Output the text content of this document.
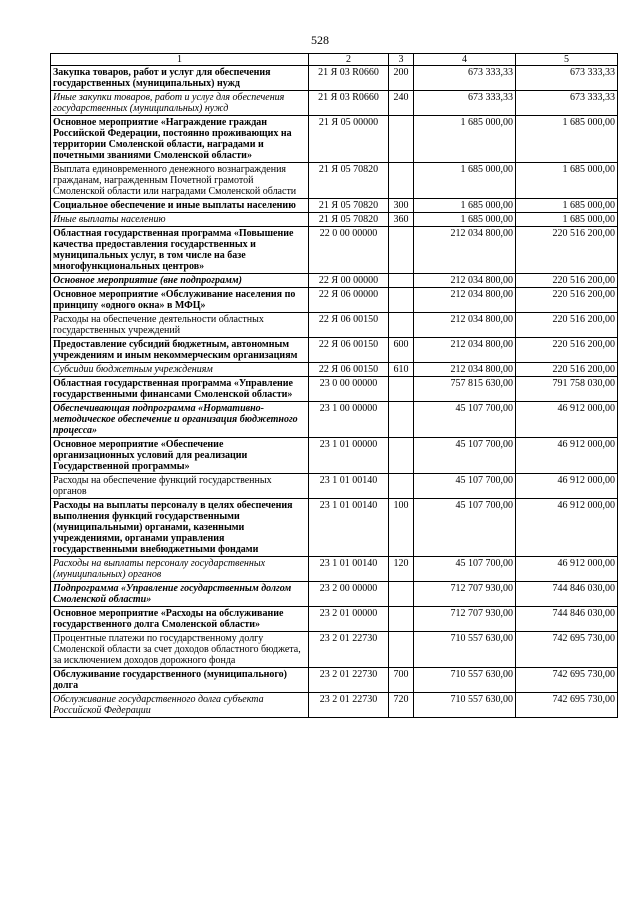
528
1	2	3	4	5
Закупка товаров, работ и услуг для обеспечения государственных (муниципальных) нужд	21 Я 03 R0660	200	673 333,33	673 333,33
Иные закупки товаров, работ и услуг для обеспечения государственных (муниципальных) нужд	21 Я 03 R0660	240	673 333,33	673 333,33
Основное мероприятие «Награждение граждан Российской Федерации, постоянно проживающих на территории Смоленской области, наградами и почетными званиями Смоленской области»	21 Я 05 00000		1 685 000,00	1 685 000,00
Выплата единовременного денежного вознаграждения гражданам, награжденным Почетной грамотой Смоленской области или наградами Смоленской области	21 Я 05 70820		1 685 000,00	1 685 000,00
Социальное обеспечение и иные выплаты населению	21 Я 05 70820	300	1 685 000,00	1 685 000,00
Иные выплаты населению	21 Я 05 70820	360	1 685 000,00	1 685 000,00
Областная государственная программа «Повышение качества предоставления государственных и муниципальных услуг, в том числе на базе многофункциональных центров»	22 0 00 00000		212 034 800,00	220 516 200,00
Основное мероприятие (вне подпрограмм)	22 Я 00 00000		212 034 800,00	220 516 200,00
Основное мероприятие «Обслуживание населения по принципу «одного окна» в МФЦ»	22 Я 06 00000		212 034 800,00	220 516 200,00
Расходы на обеспечение деятельности областных государственных учреждений	22 Я 06 00150		212 034 800,00	220 516 200,00
Предоставление субсидий бюджетным, автономным учреждениям и иным некоммерческим организациям	22 Я 06 00150	600	212 034 800,00	220 516 200,00
Субсидии бюджетным учреждениям	22 Я 06 00150	610	212 034 800,00	220 516 200,00
Областная государственная программа «Управление государственными финансами Смоленской области»	23 0 00 00000		757 815 630,00	791 758 030,00
Обеспечивающая подпрограмма «Нормативно-методическое обеспечение и организация бюджетного процесса»	23 1 00 00000		45 107 700,00	46 912 000,00
Основное мероприятие «Обеспечение организационных условий для реализации Государственной программы»	23 1 01 00000		45 107 700,00	46 912 000,00
Расходы на обеспечение функций государственных органов	23 1 01 00140		45 107 700,00	46 912 000,00
Расходы на выплаты персоналу в целях обеспечения выполнения функций государственными (муниципальными) органами, казенными учреждениями, органами управления государственными внебюджетными фондами	23 1 01 00140	100	45 107 700,00	46 912 000,00
Расходы на выплаты персоналу государственных (муниципальных) органов	23 1 01 00140	120	45 107 700,00	46 912 000,00
Подпрограмма «Управление государственным долгом Смоленской области»	23 2 00 00000		712 707 930,00	744 846 030,00
Основное мероприятие «Расходы на обслуживание государственного долга Смоленской области»	23 2 01 00000		712 707 930,00	744 846 030,00
Процентные платежи по государственному долгу Смоленской области за счет доходов областного бюджета, за исключением доходов дорожного фонда	23 2 01 22730		710 557 630,00	742 695 730,00
Обслуживание государственного (муниципального) долга	23 2 01 22730	700	710 557 630,00	742 695 730,00
Обслуживание государственного долга субъекта Российской Федерации	23 2 01 22730	720	710 557 630,00	742 695 730,00
